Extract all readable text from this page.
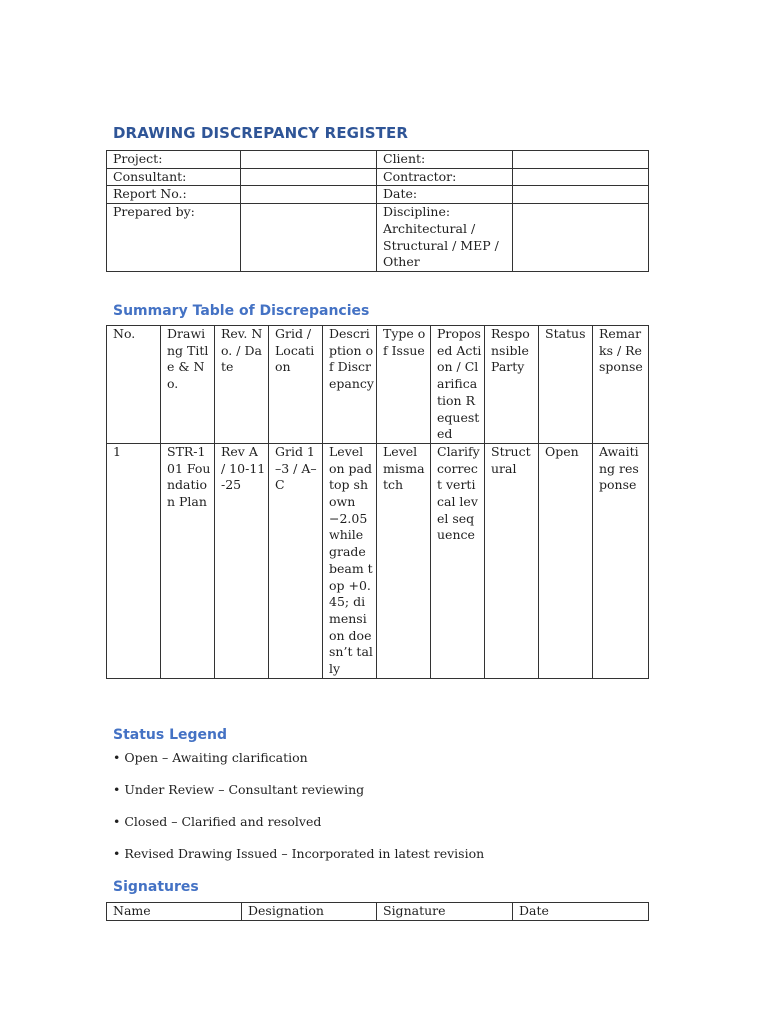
DRAWING DISCREPANCY REGISTER
Project:		Client:	
Consultant:		Contractor:	
Report No.:		Date:	
Prepared by:		Discipline: Architectural / Structural / MEP / Other	
Summary Table of Discrepancies
No.	Drawing Title & No.	Rev. No. / Date	Grid / Location	Description of Discrepancy	Type of Issue	Proposed Action / Clarification Requested	Responsible Party	Status	Remarks / Response
1	STR-101 Foundation Plan	Rev A / 10-11-25	Grid 1–3 / A–C	Level on pad top shown −2.05 while grade beam top +0.45; dimension doesn’t tally	Level mismatch	Clarify correct vertical level sequence	Structural	Open	Awaiting response
Status Legend

• Open – Awaiting clarification

• Under Review – Consultant reviewing

• Closed – Clarified and resolved

• Revised Drawing Issued – Incorporated in latest revision

Signatures
Name	Designation	Signature	Date
